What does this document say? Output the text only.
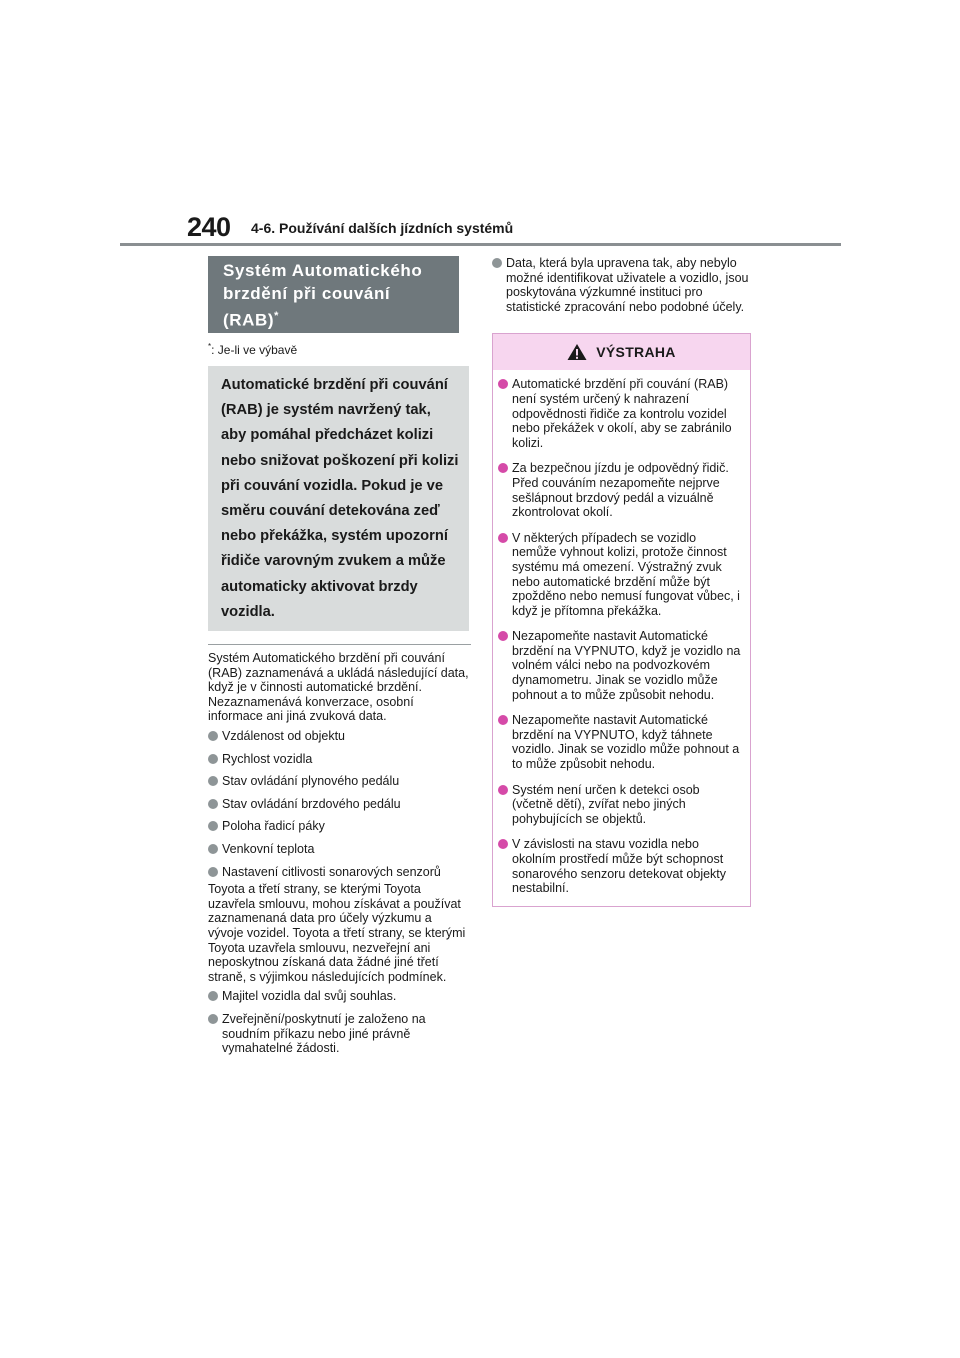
240 4-6. Používání dalších jízdních systémů
Systém Automatického brzdění při couvání (RAB)*
*: Je-li ve výbavě
Automatické brzdění při couvání (RAB) je systém navržený tak, aby pomáhal předcházet kolizi nebo snižovat poškození při kolizi při couvání vozidla. Pokud je ve směru couvání detekována zeď nebo překážka, systém upozorní řidiče varovným zvukem a může automaticky aktivovat brzdy vozidla.

Systém Automatického brzdění při couvání (RAB) zaznamenává a ukládá následující data, když je v činnosti automatické brzdění. Nezaznamenává konverzace, osobní informace ani jiná zvuková data.

Vzdálenost od objektu
Rychlost vozidla
Stav ovládání plynového pedálu
Stav ovládání brzdového pedálu
Poloha řadicí páky
Venkovní teplota
Nastavení citlivosti sonarových senzorů

Toyota a třetí strany, se kterými Toyota uzavřela smlouvu, mohou získávat a používat zaznamenaná data pro účely výzkumu a vývoje vozidel. Toyota a třetí strany, se kterými Toyota uzavřela smlouvu, nezveřejní ani neposkytnou získaná data žádné jiné třetí straně, s výjimkou následujících podmínek.

Majitel vozidla dal svůj souhlas.
Zveřejnění/poskytnutí je založeno na soudním příkazu nebo jiné právně vymahatelné žádosti.
Data, která byla upravena tak, aby nebylo možné identifikovat uživatele a vozidlo, jsou poskytována výzkumné instituci pro statistické zpracování nebo podobné účely.
VÝSTRAHA
Automatické brzdění při couvání (RAB) není systém určený k nahrazení odpovědnosti řidiče za kontrolu vozidel nebo překážek v okolí, aby se zabránilo kolizi.
Za bezpečnou jízdu je odpovědný řidič. Před couváním nezapomeňte nejprve sešlápnout brzdový pedál a vizuálně zkontrolovat okolí.
V některých případech se vozidlo nemůže vyhnout kolizi, protože činnost systému má omezení. Výstražný zvuk nebo automatické brzdění může být zpožděno nebo nemusí fungovat vůbec, i když je přítomna překážka.
Nezapomeňte nastavit Automatické brzdění na VYPNUTO, když je vozidlo na volném válci nebo na podvozkovém dynamometru. Jinak se vozidlo může pohnout a to může způsobit nehodu.
Nezapomeňte nastavit Automatické brzdění na VYPNUTO, když táhnete vozidlo. Jinak se vozidlo může pohnout a to může způsobit nehodu.
Systém není určen k detekci osob (včetně dětí), zvířat nebo jiných pohybujících se objektů.
V závislosti na stavu vozidla nebo okolním prostředí může být schopnost sonarového senzoru detekovat objekty nestabilní.
